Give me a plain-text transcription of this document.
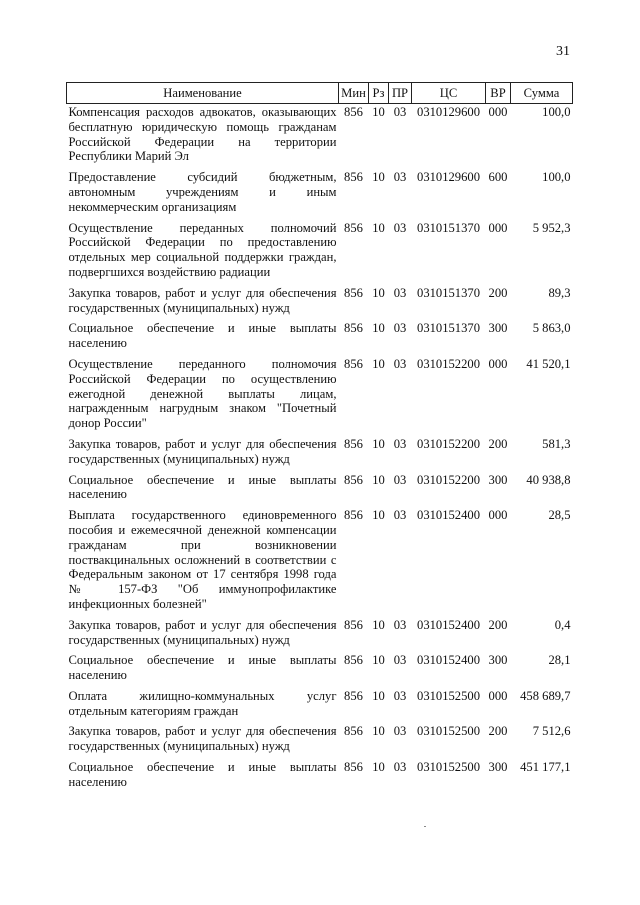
31
Наименование	Мин	Рз	ПР	ЦС	ВР	Сумма
Компенсация расходов адвокатов, оказывающих бесплатную юридическую помощь гражданам Российской Федерации на территории Республики Марий Эл	856	10	03	0310129600	000	100,0
Предоставление субсидий бюджетным, автономным учреждениям и иным некоммерческим организациям	856	10	03	0310129600	600	100,0
Осуществление переданных полномочий Российской Федерации по предоставлению отдельных мер социальной поддержки граждан, подвергшихся воздействию радиации	856	10	03	0310151370	000	5 952,3
Закупка товаров, работ и услуг для обеспечения государственных (муниципальных) нужд	856	10	03	0310151370	200	89,3
Социальное обеспечение и иные выплаты населению	856	10	03	0310151370	300	5 863,0
Осуществление переданного полномочия Российской Федерации по осуществлению ежегодной денежной выплаты лицам, награжденным нагрудным знаком "Почетный донор России"	856	10	03	0310152200	000	41 520,1
Закупка товаров, работ и услуг для обеспечения государственных (муниципальных) нужд	856	10	03	0310152200	200	581,3
Социальное обеспечение и иные выплаты населению	856	10	03	0310152200	300	40 938,8
Выплата государственного единовременного пособия и ежемесячной денежной компенсации гражданам при возникновении поствакцинальных осложнений в соответствии с Федеральным законом от 17 сентября 1998 года № 157-ФЗ "Об иммунопрофилактике инфекционных болезней"	856	10	03	0310152400	000	28,5
Закупка товаров, работ и услуг для обеспечения государственных (муниципальных) нужд	856	10	03	0310152400	200	0,4
Социальное обеспечение и иные выплаты населению	856	10	03	0310152400	300	28,1
Оплата жилищно-коммунальных услуг отдельным категориям граждан	856	10	03	0310152500	000	458 689,7
Закупка товаров, работ и услуг для обеспечения государственных (муниципальных) нужд	856	10	03	0310152500	200	7 512,6
Социальное обеспечение и иные выплаты населению	856	10	03	0310152500	300	451 177,1
